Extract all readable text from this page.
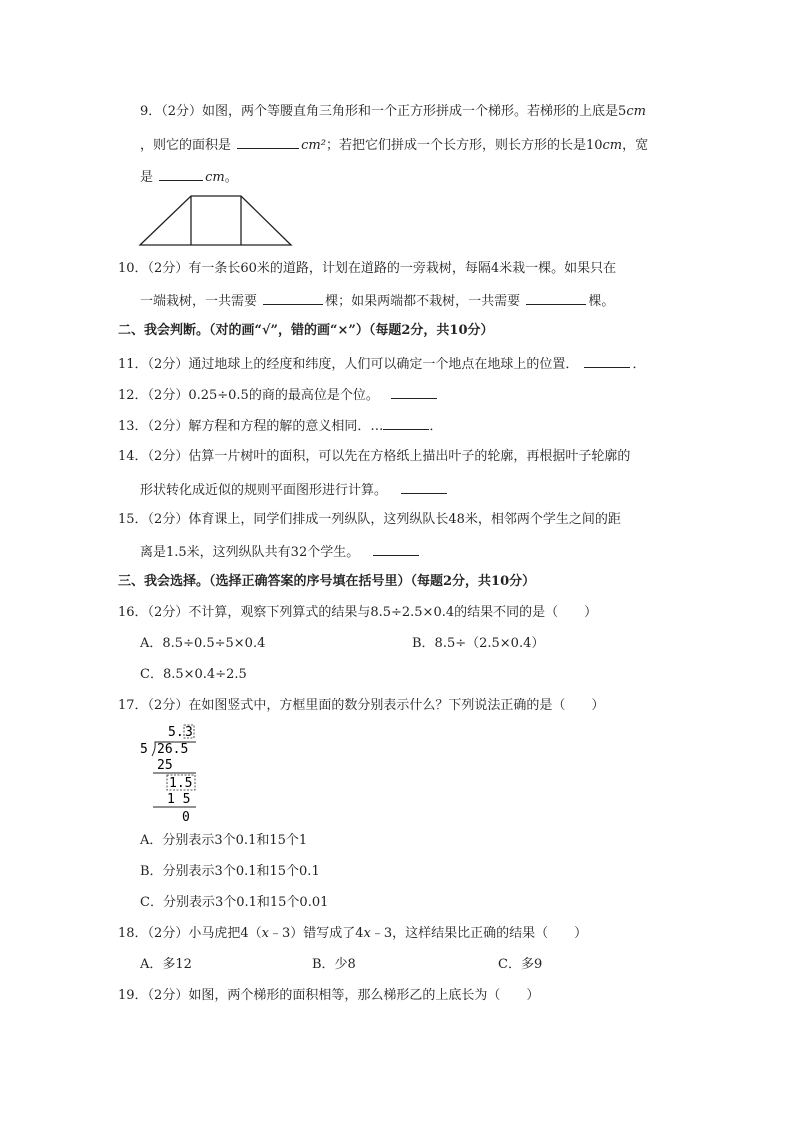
9．（2分）如图，两个等腰直角三角形和一个正方形拼成一个梯形。若梯形的上底是5cm
，则它的面积是	cm²；若把它们拼成一个长方形，则长方形的长是10cm，宽
是	cm。
10．（2分）有一条长60米的道路，计划在道路的一旁栽树，每隔4米栽一棵。如果只在
一端栽树，一共需要	棵；如果两端都不栽树，一共需要	棵。
二、我会判断。（对的画“√”，错的画“×”）（每题2分，共10分）
11．（2分）通过地球上的经度和纬度，人们可以确定一个地点在地球上的位置．	．
12．（2分）0.25÷0.5的商的最高位是个位。
13．（2分）解方程和方程的解的意义相同．…	．
14．（2分）估算一片树叶的面积，可以先在方格纸上描出叶子的轮廓，再根据叶子轮廓的
形状转化成近似的规则平面图形进行计算。
15．（2分）体育课上，同学们排成一列纵队，这列纵队长48米，相邻两个学生之间的距
离是1.5米，这列纵队共有32个学生。
三、我会选择。（选择正确答案的序号填在括号里）（每题2分，共10分）
16．（2分）不计算，观察下列算式的结果与8.5÷2.5×0.4的结果不同的是（　　）
A．8.5÷0.5÷5×0.4	B．8.5÷（2.5×0.4）
C．8.5×0.4÷2.5
17．（2分）在如图竖式中，方框里面的数分别表示什么？下列说法正确的是（　　）
5. 3
5 26.5
25
1.5
1 5
0
A．分别表示3个0.1和15个1
B．分别表示3个0.1和15个0.1
C．分别表示3个0.1和15个0.01
18．（2分）小马虎把4（x﹣3）错写成了4x﹣3，这样结果比正确的结果（　　）
A．多12	B．少8	C．多9
19．（2分）如图，两个梯形的面积相等，那么梯形乙的上底长为（　　）
